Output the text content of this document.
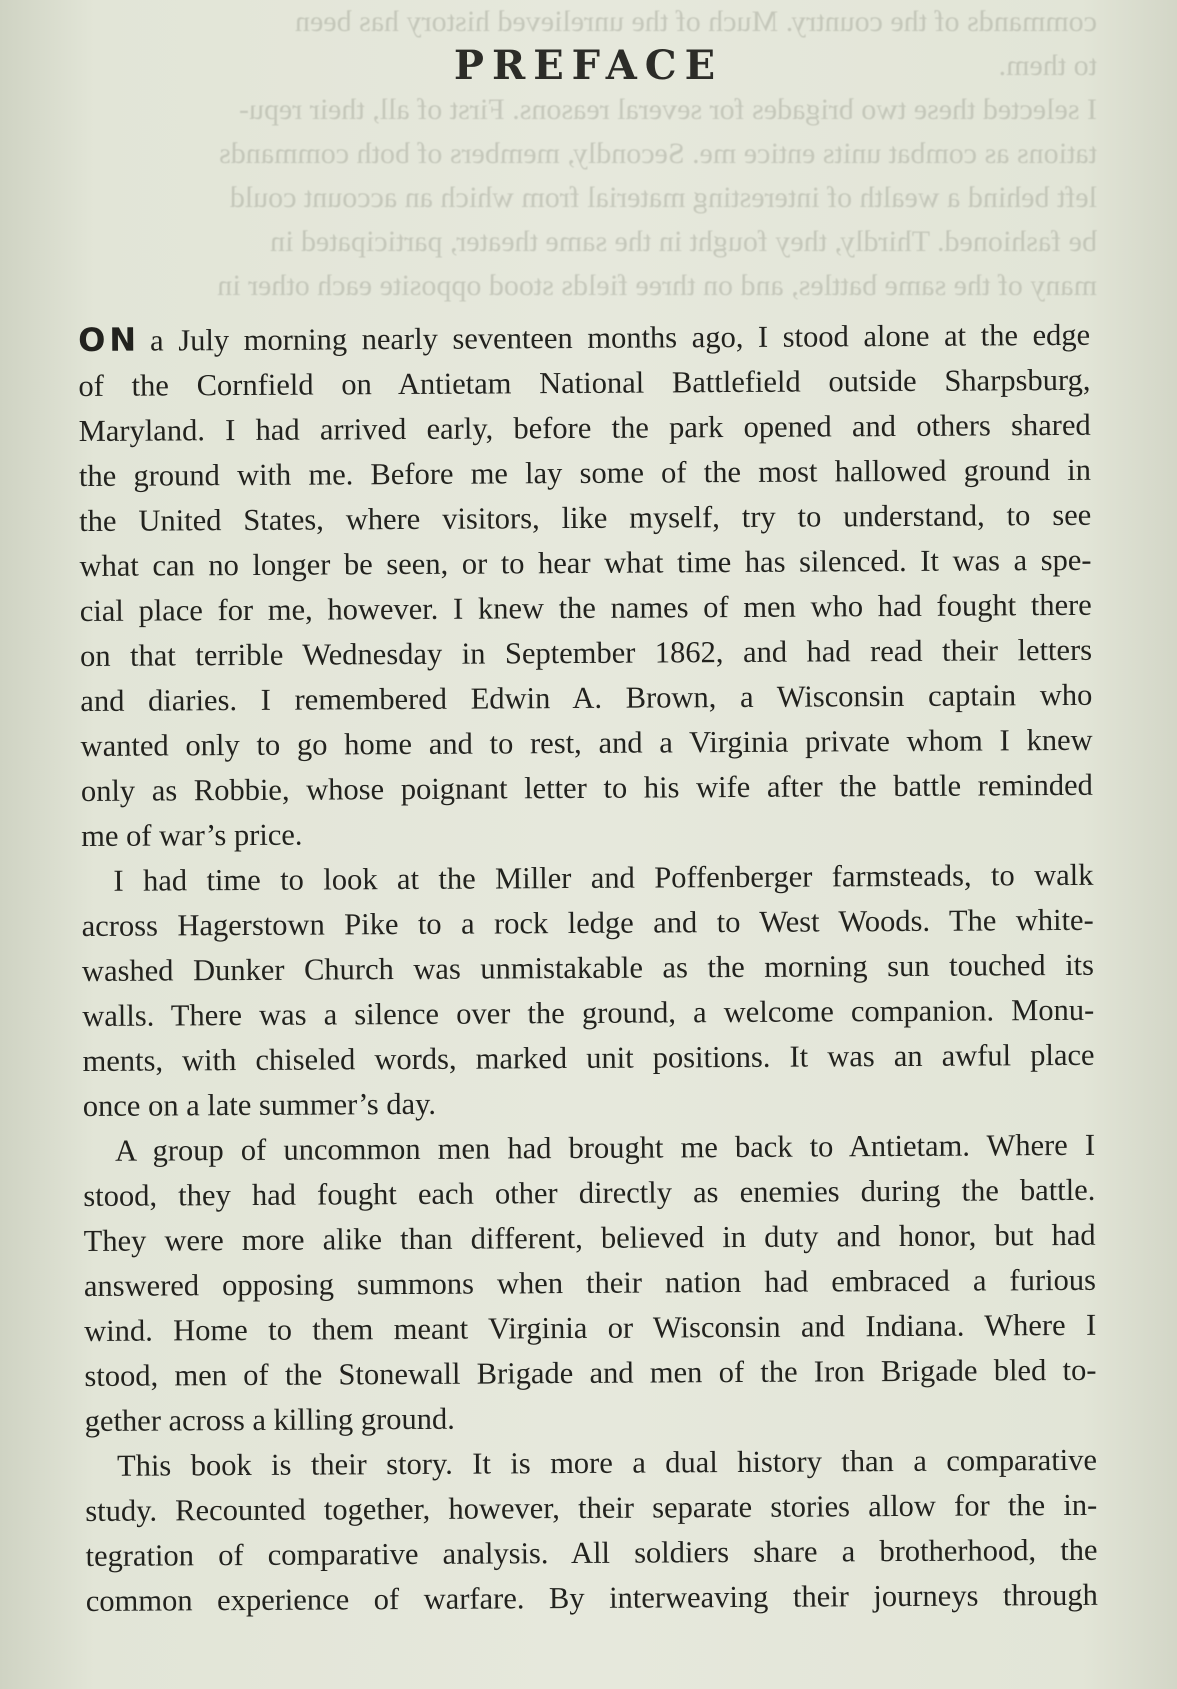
commands of the country. Much of the unrelieved history has been

to them.

I selected these two brigades for several reasons. First of all, their repu-

tations as combat units entice me. Secondly, members of both commands

left behind a wealth of interesting material from which an account could

be fashioned. Thirdly, they fought in the same theater, participated in

many of the same battles, and on three fields stood opposite each other in

PREFACE
ON a July morning nearly seventeen months ago, I stood alone at the edge
of the Cornfield on Antietam National Battlefield outside Sharpsburg,
Maryland. I had arrived early, before the park opened and others shared
the ground with me. Before me lay some of the most hallowed ground in
the United States, where visitors, like myself, try to understand, to see
what can no longer be seen, or to hear what time has silenced. It was a spe-
cial place for me, however. I knew the names of men who had fought there
on that terrible Wednesday in September 1862, and had read their letters
and diaries. I remembered Edwin A. Brown, a Wisconsin captain who
wanted only to go home and to rest, and a Virginia private whom I knew
only as Robbie, whose poignant letter to his wife after the battle reminded
me of war’s price.
I had time to look at the Miller and Poffenberger farmsteads, to walk
across Hagerstown Pike to a rock ledge and to West Woods. The white-
washed Dunker Church was unmistakable as the morning sun touched its
walls. There was a silence over the ground, a welcome companion. Monu-
ments, with chiseled words, marked unit positions. It was an awful place
once on a late summer’s day.
A group of uncommon men had brought me back to Antietam. Where I
stood, they had fought each other directly as enemies during the battle.
They were more alike than different, believed in duty and honor, but had
answered opposing summons when their nation had embraced a furious
wind. Home to them meant Virginia or Wisconsin and Indiana. Where I
stood, men of the Stonewall Brigade and men of the Iron Brigade bled to-
gether across a killing ground.
This book is their story. It is more a dual history than a comparative
study. Recounted together, however, their separate stories allow for the in-
tegration of comparative analysis. All soldiers share a brotherhood, the
common experience of warfare. By interweaving their journeys through
